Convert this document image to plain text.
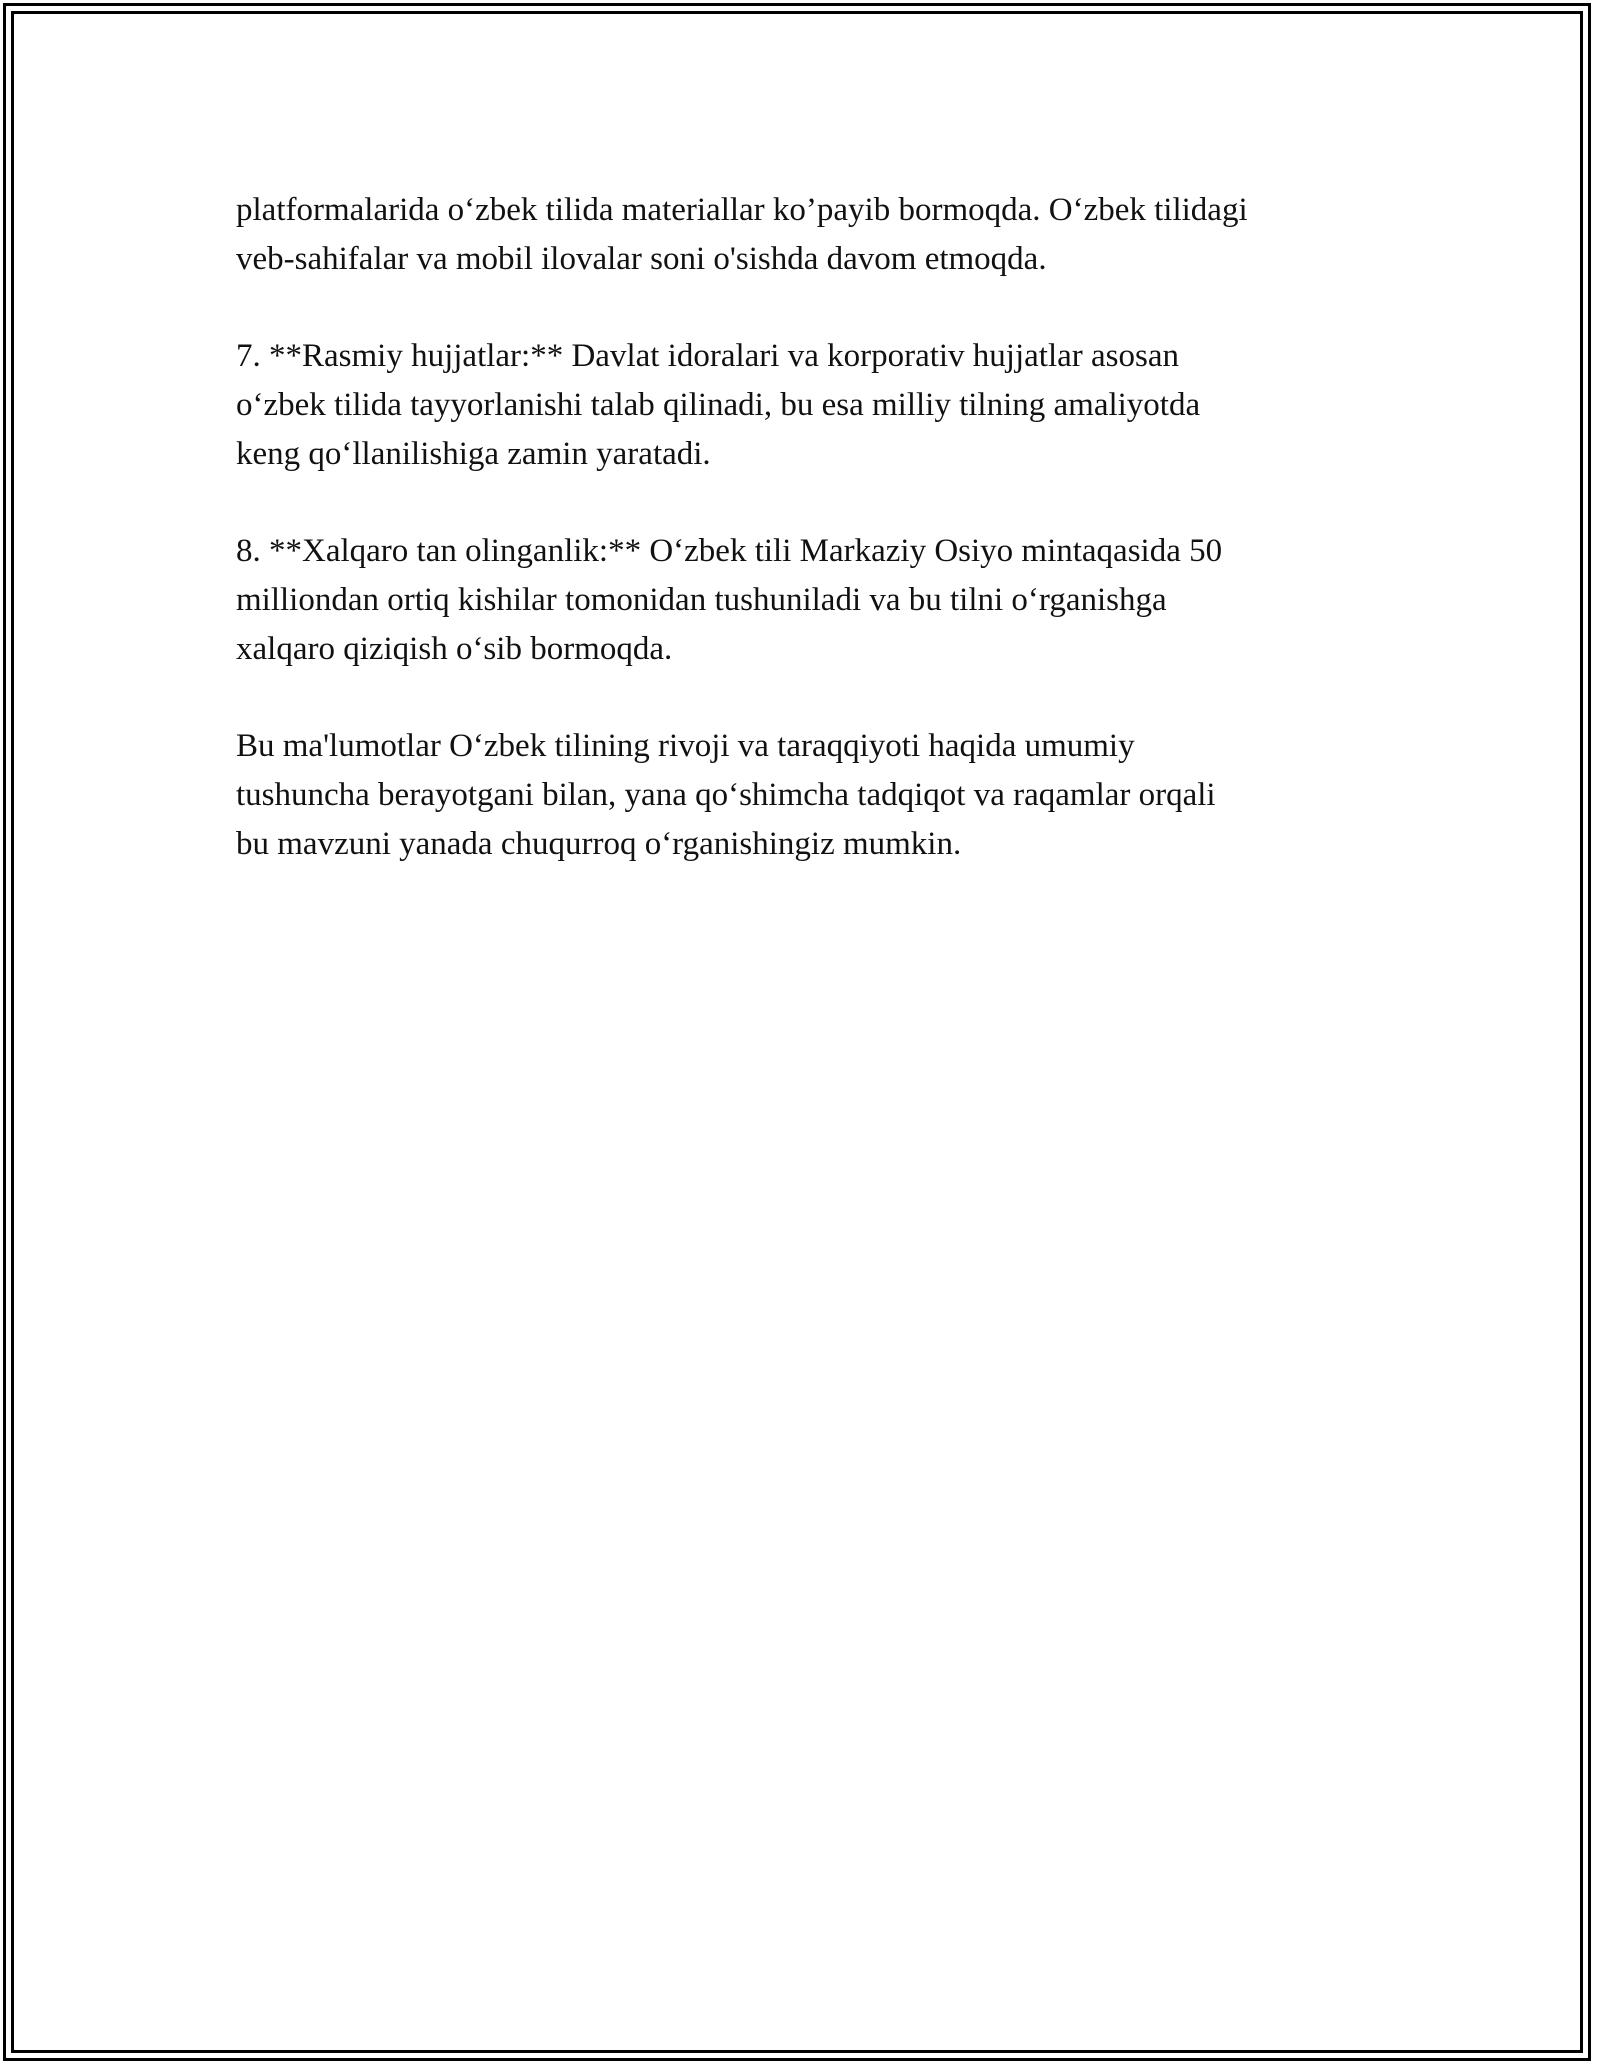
platformalarida o‘zbek tilida materiallar ko’payib bormoqda. O‘zbek tilidagi
veb-sahifalar va mobil ilovalar soni o'sishda davom etmoqda.

7. **Rasmiy hujjatlar:** Davlat idoralari va korporativ hujjatlar asosan
o‘zbek tilida tayyorlanishi talab qilinadi, bu esa milliy tilning amaliyotda
keng qo‘llanilishiga zamin yaratadi.

8. **Xalqaro tan olinganlik:** O‘zbek tili Markaziy Osiyo mintaqasida 50
milliondan ortiq kishilar tomonidan tushuniladi va bu tilni o‘rganishga
xalqaro qiziqish o‘sib bormoqda.

Bu ma'lumotlar O‘zbek tilining rivoji va taraqqiyoti haqida umumiy
tushuncha berayotgani bilan, yana qo‘shimcha tadqiqot va raqamlar orqali
bu mavzuni yanada chuqurroq o‘rganishingiz mumkin.
